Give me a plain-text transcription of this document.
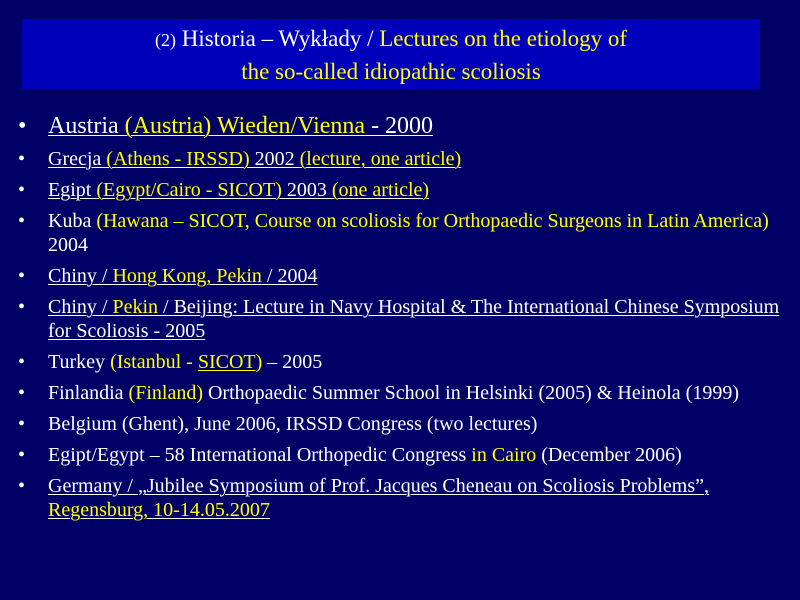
(2) Historia – Wykłady / Lectures on the etiology of
the so-called idiopathic scoliosis
• Austria (Austria) Wieden/Vienna - 2000
• Grecja (Athens - IRSSD) 2002 (lecture, one article)
• Egipt (Egypt/Cairo - SICOT) 2003 (one article)
• Kuba (Hawana – SICOT, Course on scoliosis for Orthopaedic Surgeons in Latin America) 2004
• Chiny / Hong Kong, Pekin / 2004
• Chiny / Pekin / Beijing: Lecture in Navy Hospital & The International Chinese Symposium for Scoliosis - 2005
• Turkey (Istanbul - SICOT) – 2005
• Finlandia (Finland) Orthopaedic Summer School in Helsinki (2005) & Heinola (1999)
• Belgium (Ghent), June 2006, IRSSD Congress (two lectures)
• Egipt/Egypt – 58 International Orthopedic Congress in Cairo (December 2006)
• Germany / „Jubilee Symposium of Prof. Jacques Cheneau on Scoliosis Problems”, Regensburg, 10-14.05.2007
